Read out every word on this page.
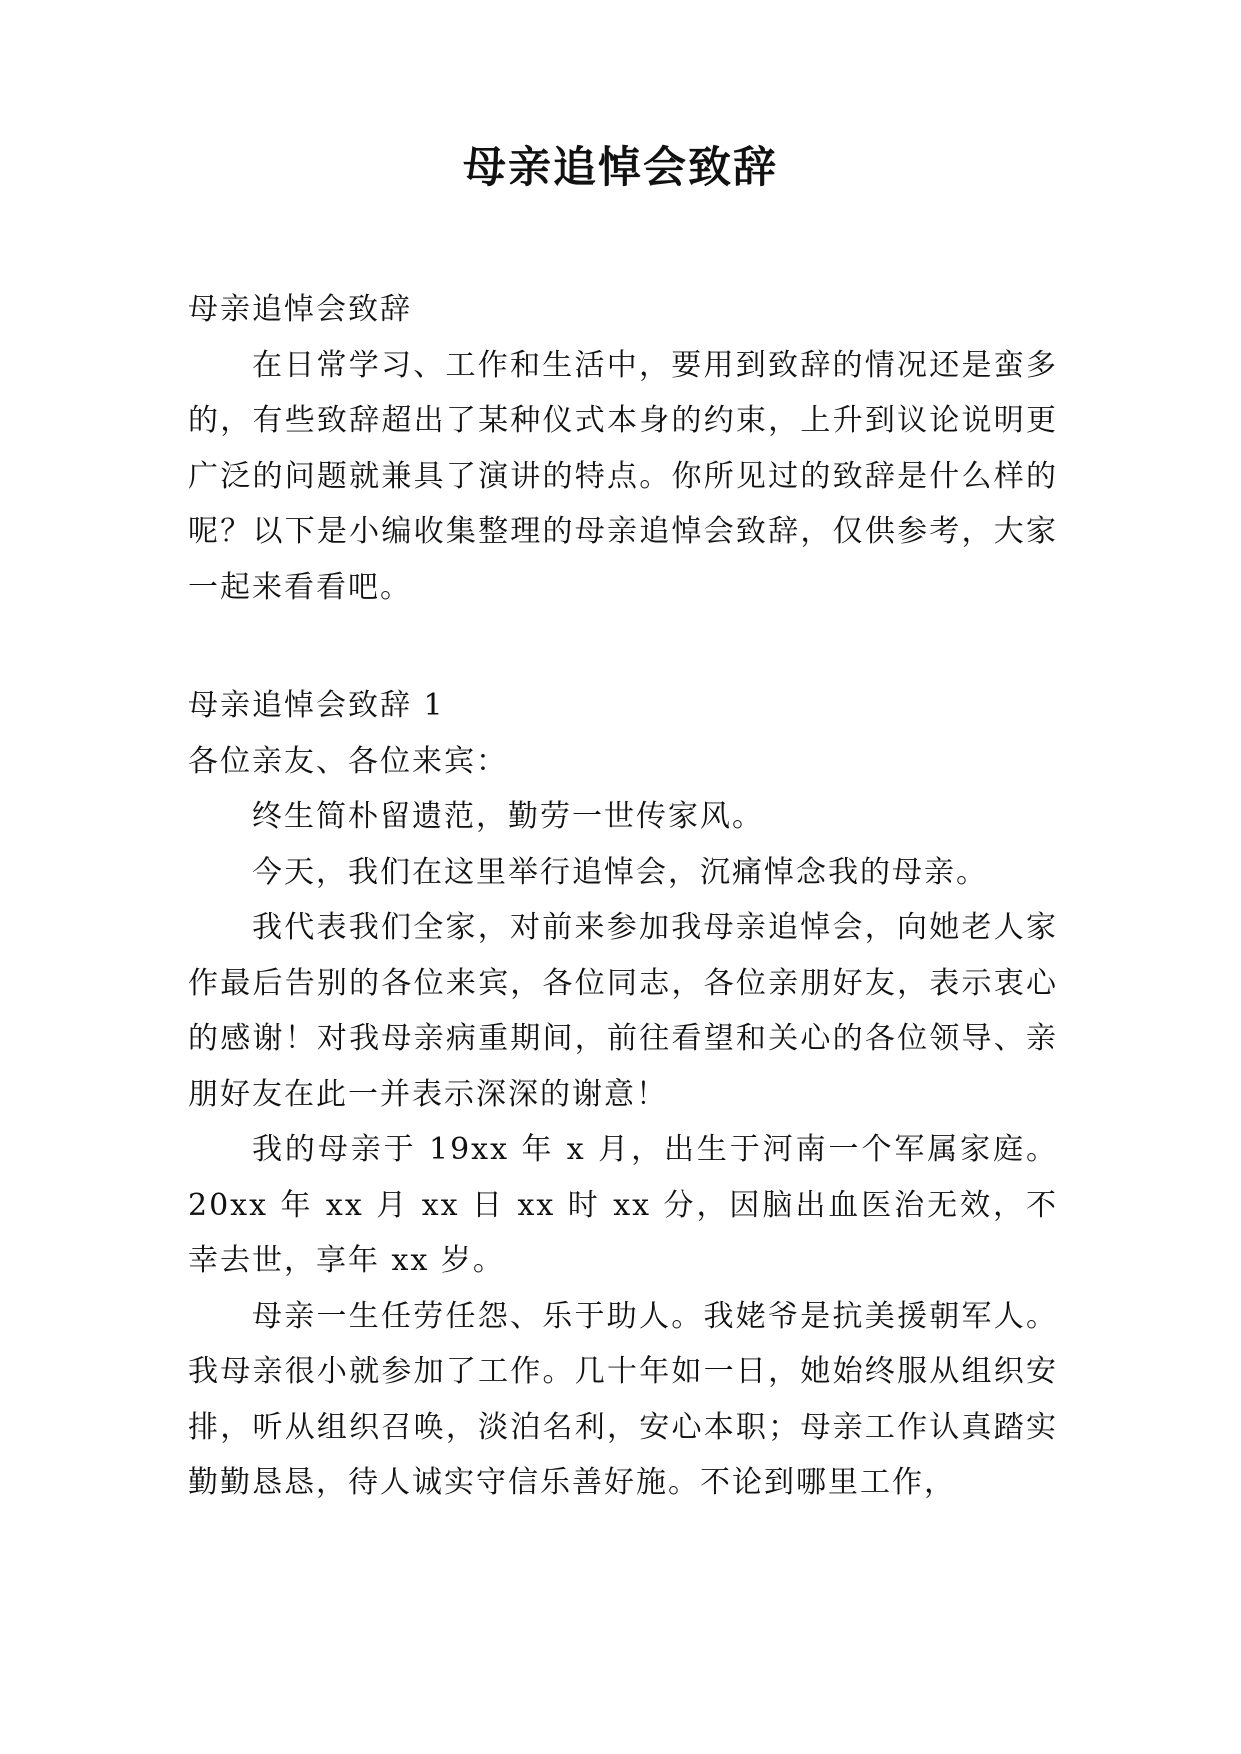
母亲追悼会致辞

母亲追悼会致辞

在日常学习、工作和生活中，要用到致辞的情况还是蛮多的，有些致辞超出了某种仪式本身的约束，上升到议论说明更广泛的问题就兼具了演讲的特点。你所见过的致辞是什么样的呢？以下是小编收集整理的母亲追悼会致辞，仅供参考，大家一起来看看吧。

母亲追悼会致辞 1

各位亲友、各位来宾：

终生简朴留遗范，勤劳一世传家风。

今天，我们在这里举行追悼会，沉痛悼念我的母亲。

我代表我们全家，对前来参加我母亲追悼会，向她老人家作最后告别的各位来宾，各位同志，各位亲朋好友，表示衷心的感谢！对我母亲病重期间，前往看望和关心的各位领导、亲朋好友在此一并表示深深的谢意！

我的母亲于 19xx 年 x 月，出生于河南一个军属家庭。20xx 年 xx 月 xx 日 xx 时 xx 分，因脑出血医治无效，不幸去世，享年 xx 岁。

母亲一生任劳任怨、乐于助人。我姥爷是抗美援朝军人。我母亲很小就参加了工作。几十年如一日，她始终服从组织安排，听从组织召唤，淡泊名利，安心本职；母亲工作认真踏实勤勤恳恳，待人诚实守信乐善好施。不论到哪里工作，
